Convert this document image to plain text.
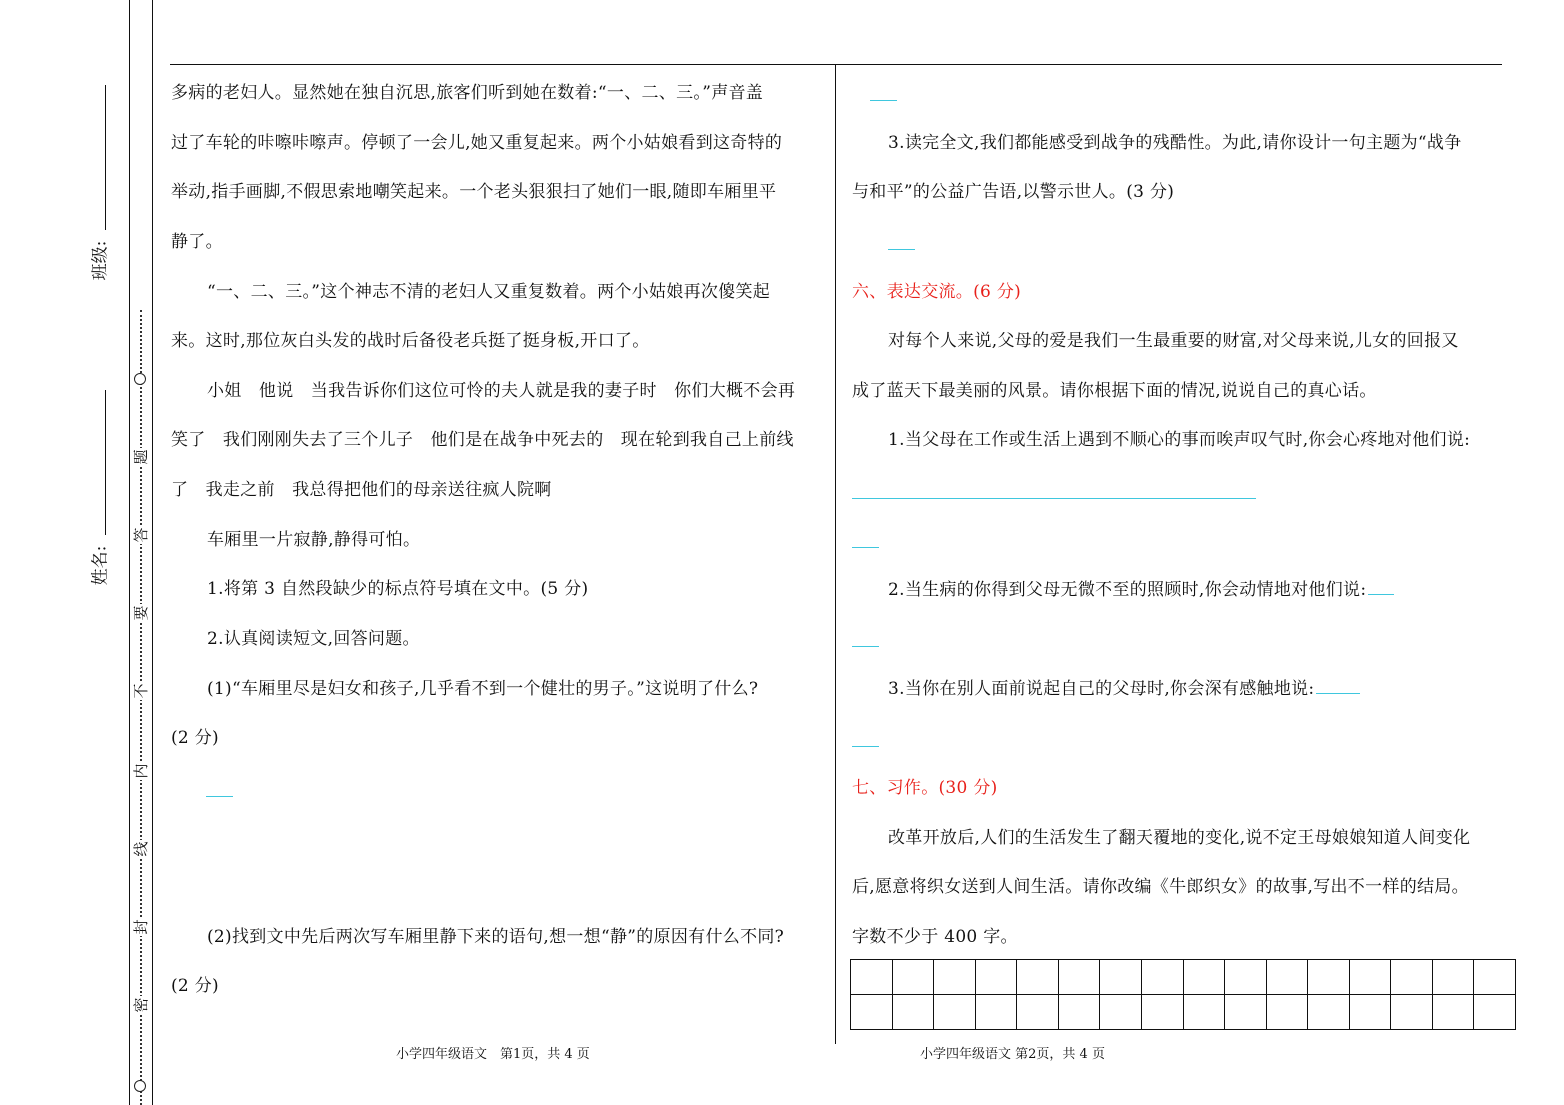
题
答
要
不
内
线
封
密
班级:
姓名:
多病的老妇人。显然她在独自沉思,旅客们听到她在数着:“一、二、三。”声音盖
过了车轮的咔嚓咔嚓声。停顿了一会儿,她又重复起来。两个小姑娘看到这奇特的
举动,指手画脚,不假思索地嘲笑起来。一个老头狠狠扫了她们一眼,随即车厢里平
静了。
“一、二、三。”这个神志不清的老妇人又重复数着。两个小姑娘再次傻笑起
来。这时,那位灰白头发的战时后备役老兵挺了挺身板,开口了。
小姐　他说　当我告诉你们这位可怜的夫人就是我的妻子时　你们大概不会再
笑了　我们刚刚失去了三个儿子　他们是在战争中死去的　现在轮到我自己上前线
了　我走之前　我总得把他们的母亲送往疯人院啊
车厢里一片寂静,静得可怕。
1.将第 3 自然段缺少的标点符号填在文中。(5 分)
2.认真阅读短文,回答问题。
(1)“车厢里尽是妇女和孩子,几乎看不到一个健壮的男子。”这说明了什么?
(2 分)
(2)找到文中先后两次写车厢里静下来的语句,想一想“静”的原因有什么不同?
(2 分)
小学四年级语文　第1页，共 4 页
3.读完全文,我们都能感受到战争的残酷性。为此,请你设计一句主题为“战争
与和平”的公益广告语,以警示世人。(3 分)
六、表达交流。(6 分)
对每个人来说,父母的爱是我们一生最重要的财富,对父母来说,儿女的回报又
成了蓝天下最美丽的风景。请你根据下面的情况,说说自己的真心话。
1.当父母在工作或生活上遇到不顺心的事而唉声叹气时,你会心疼地对他们说:
2.当生病的你得到父母无微不至的照顾时,你会动情地对他们说:
3.当你在别人面前说起自己的父母时,你会深有感触地说:
七、习作。(30 分)
改革开放后,人们的生活发生了翻天覆地的变化,说不定王母娘娘知道人间变化
后,愿意将织女送到人间生活。请你改编《牛郎织女》的故事,写出不一样的结局。
字数不少于 400 字。
小学四年级语文 第2页，共 4 页
